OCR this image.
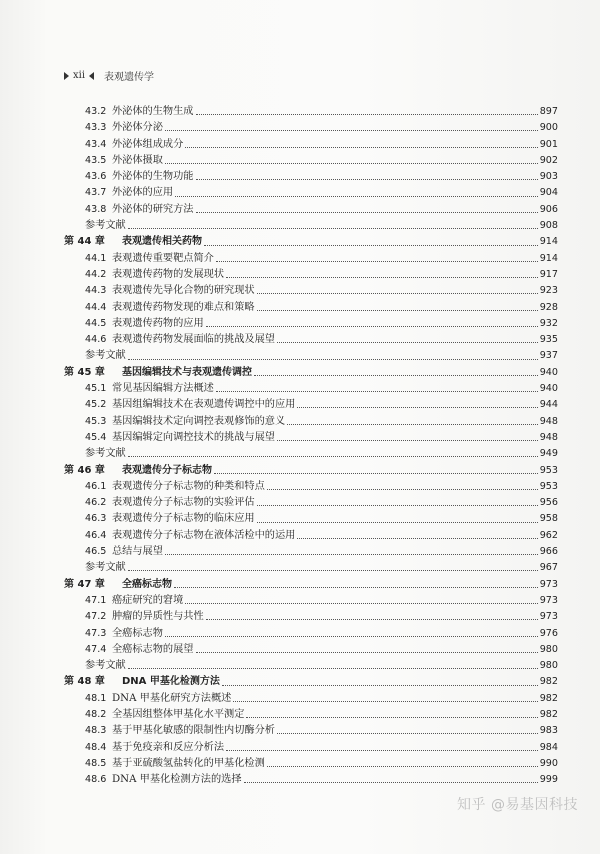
xii 表观遗传学
43.2 外泌体的生物生成	897
43.3 外泌体分泌	900
43.4 外泌体组成成分	901
43.5 外泌体摄取	902
43.6 外泌体的生物功能	903
43.7 外泌体的应用	904
43.8 外泌体的研究方法	906
参考文献	908
第 44 章	表观遗传相关药物	914
44.1 表观遗传重要靶点简介	914
44.2 表观遗传药物的发展现状	917
44.3 表观遗传先导化合物的研究现状	923
44.4 表观遗传药物发现的难点和策略	928
44.5 表观遗传药物的应用	932
44.6 表观遗传药物发展面临的挑战及展望	935
参考文献	937
第 45 章	基因编辑技术与表观遗传调控	940
45.1 常见基因编辑方法概述	940
45.2 基因组编辑技术在表观遗传调控中的应用	944
45.3 基因编辑技术定向调控表观修饰的意义	948
45.4 基因编辑定向调控技术的挑战与展望	948
参考文献	949
第 46 章	表观遗传分子标志物	953
46.1 表观遗传分子标志物的种类和特点	953
46.2 表观遗传分子标志物的实验评估	956
46.3 表观遗传分子标志物的临床应用	958
46.4 表观遗传分子标志物在液体活检中的运用	962
46.5 总结与展望	966
参考文献	967
第 47 章	全癌标志物	973
47.1 癌症研究的窘境	973
47.2 肿瘤的异质性与共性	973
47.3 全癌标志物	976
47.4 全癌标志物的展望	980
参考文献	980
第 48 章	DNA 甲基化检测方法	982
48.1 DNA 甲基化研究方法概述	982
48.2 全基因组整体甲基化水平测定	982
48.3 基于甲基化敏感的限制性内切酶分析	983
48.4 基于免疫亲和反应分析法	984
48.5 基于亚硫酸氢盐转化的甲基化检测	990
48.6 DNA 甲基化检测方法的选择	999
知乎 @易基因科技
